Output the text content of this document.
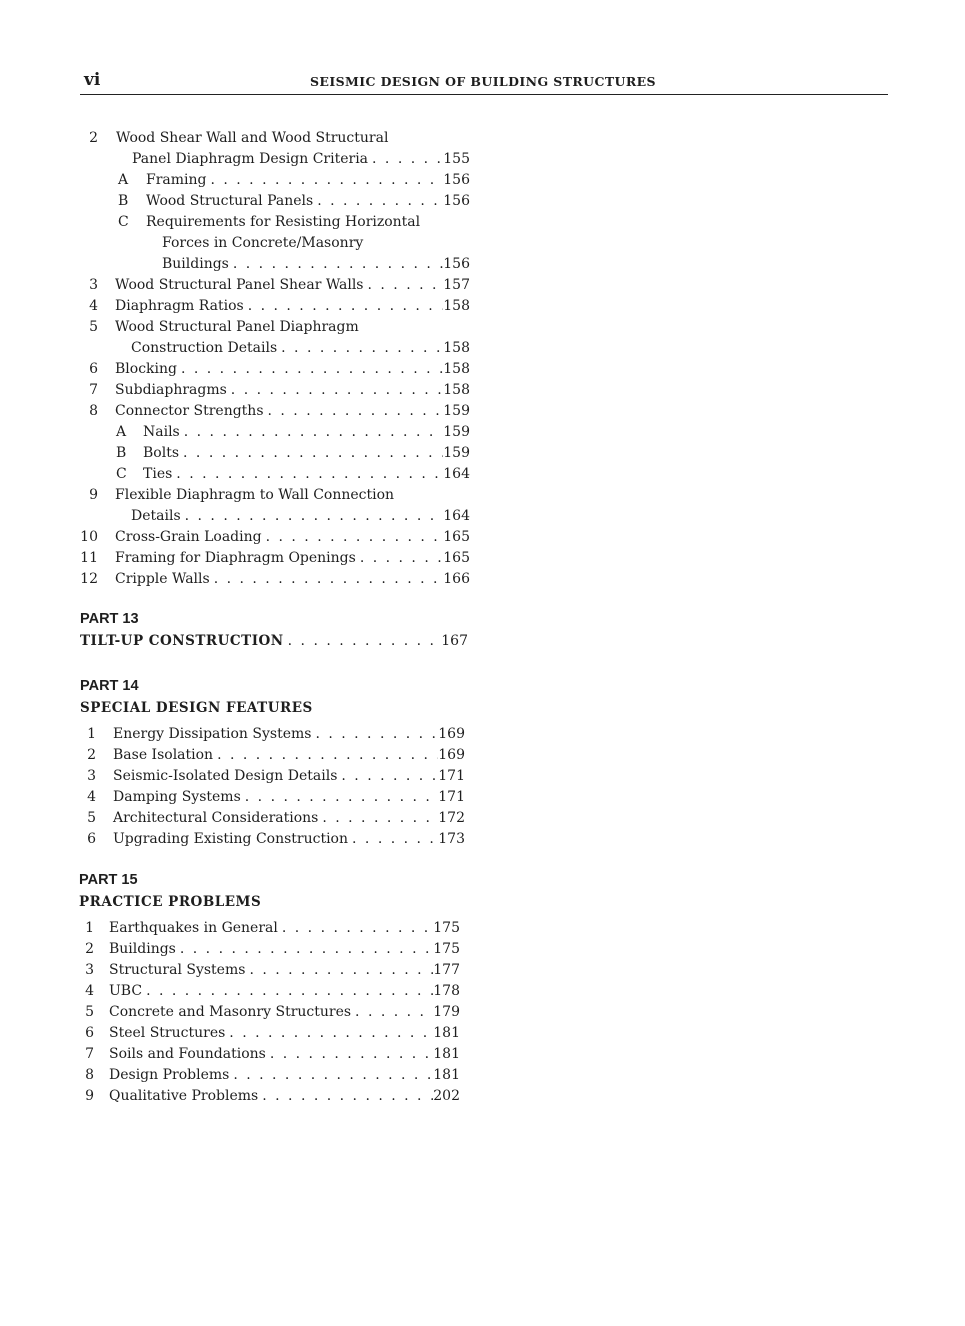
vi	SEISMIC DESIGN OF BUILDING STRUCTURES
2 Wood Shear Wall and Wood Structural
Panel Diaphragm Design Criteria . . .	155
A Framing . . .	156
B Wood Structural Panels . . .	156
C Requirements for Resisting Horizontal
Forces in Concrete/Masonry
Buildings . . .	156
3 Wood Structural Panel Shear Walls . . .	157
4 Diaphragm Ratios . . .	158
5 Wood Structural Panel Diaphragm
Construction Details . . .	158
6 Blocking . . .	158
7 Subdiaphragms . . .	158
8 Connector Strengths . . .	159
A Nails . . .	159
B Bolts . . .	159
C Ties . . .	164
9 Flexible Diaphragm to Wall Connection
Details . . .	164
10 Cross-Grain Loading . . .	165
11 Framing for Diaphragm Openings . . .	165
12 Cripple Walls . . .	166
PART 13
TILT-UP CONSTRUCTION . . .	167
PART 14
SPECIAL DESIGN FEATURES
1 Energy Dissipation Systems . . .	169
2 Base Isolation . . .	169
3 Seismic-Isolated Design Details . . .	171
4 Damping Systems . . .	171
5 Architectural Considerations . . .	172
6 Upgrading Existing Construction . . .	173
PART 15
PRACTICE PROBLEMS
1 Earthquakes in General . . .	175
2 Buildings . . .	175
3 Structural Systems . . .	177
4 UBC . . .	178
5 Concrete and Masonry Structures . . .	179
6 Steel Structures . . .	181
7 Soils and Foundations . . .	181
8 Design Problems . . .	181
9 Qualitative Problems . . .	202
